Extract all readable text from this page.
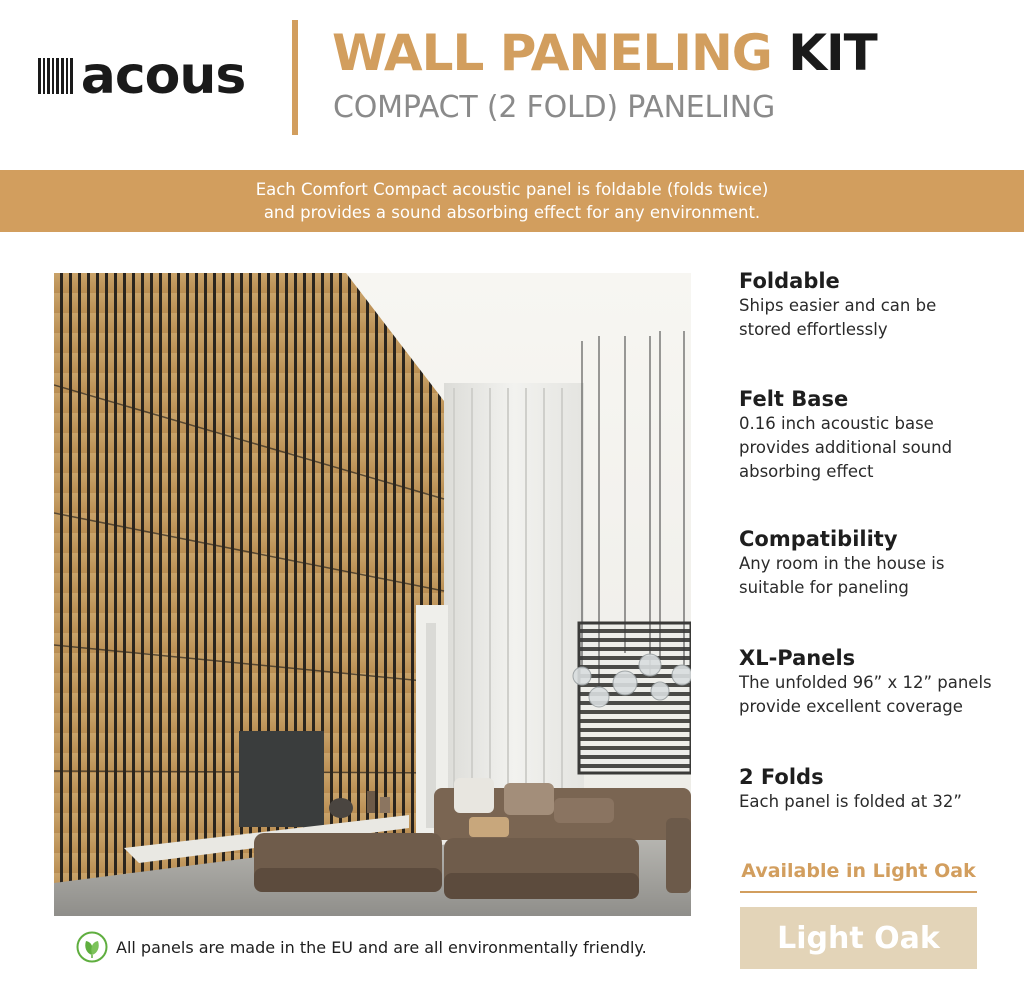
acous WALL PANELING KIT
COMPACT (2 FOLD) PANELING
Each Comfort Compact acoustic panel is foldable (folds twice)
and provides a sound absorbing effect for any environment.
Foldable

Ships easier and can be

stored effortlessly

Felt Base

0.16 inch acoustic base

provides additional sound

absorbing effect

Compatibility

Any room in the house is

suitable for paneling

XL-Panels

The unfolded 96” x 12” panels

provide excellent coverage

2 Folds

Each panel is folded at 32”

Available in Light Oak
Light Oak
All panels are made in the EU and are all environmentally friendly.
